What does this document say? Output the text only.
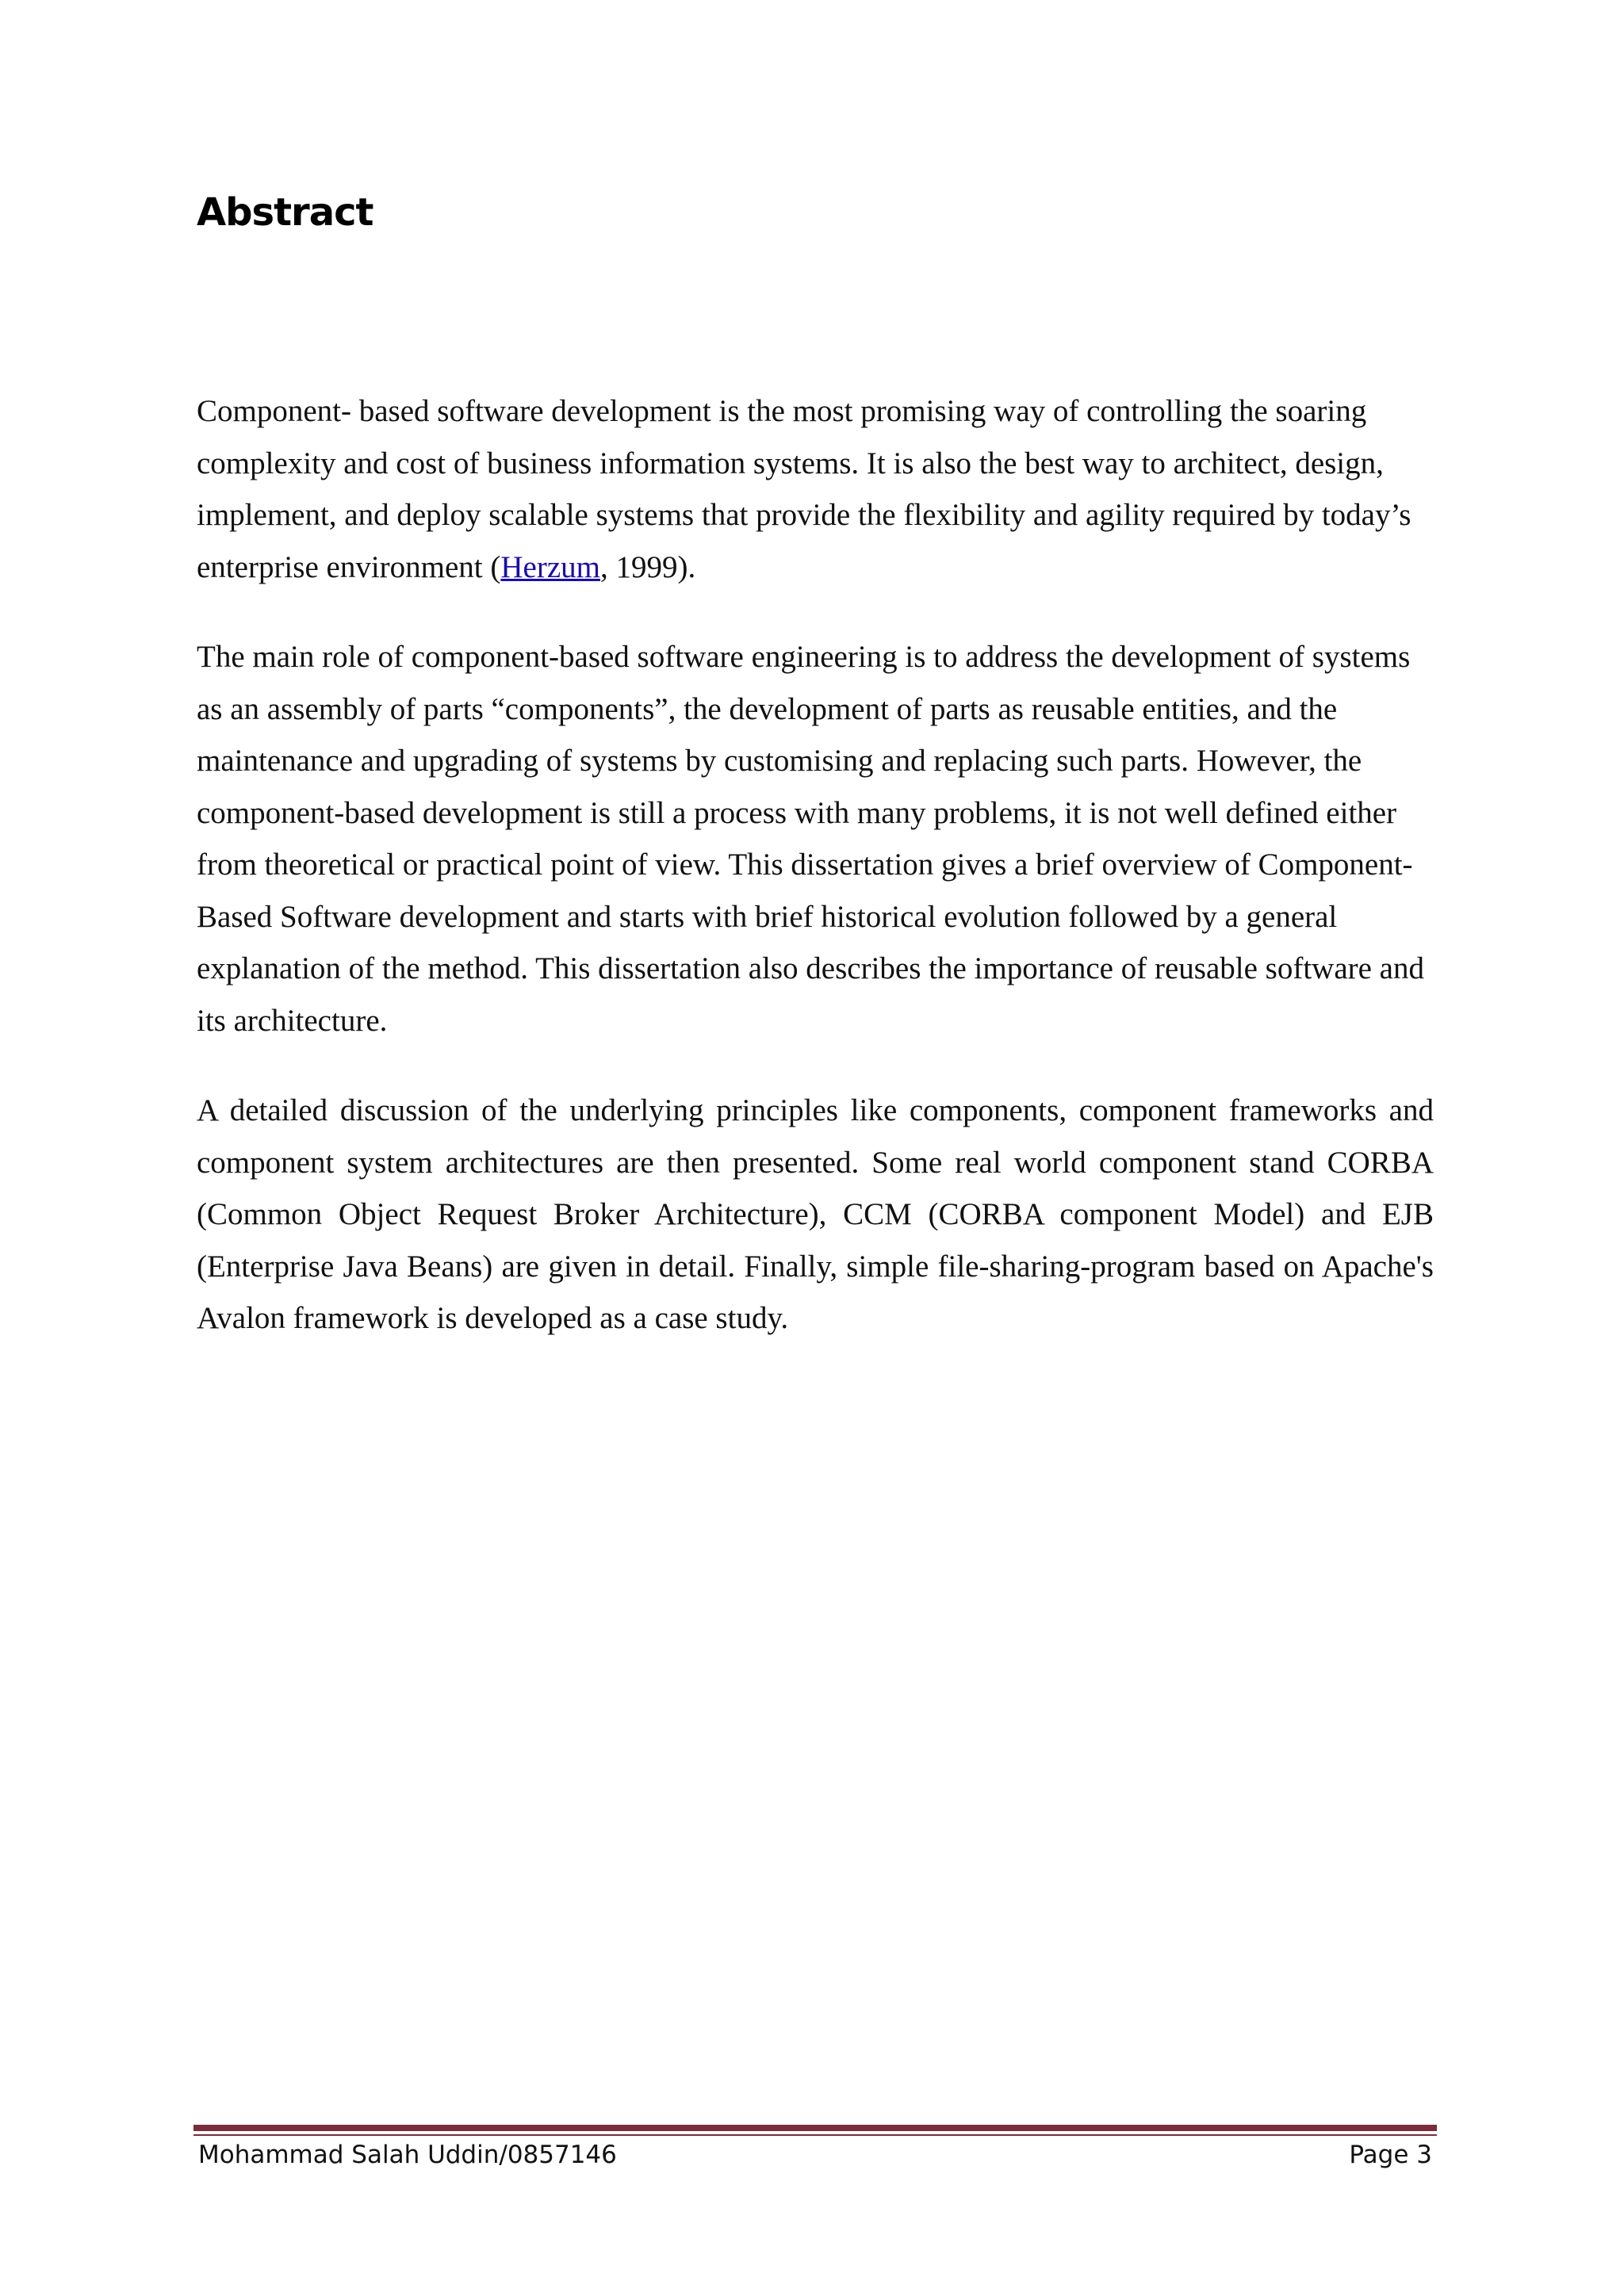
Abstract

Component- based software development is the most promising way of controlling the soaring complexity and cost of business information systems. It is also the best way to architect, design, implement, and deploy scalable systems that provide the flexibility and agility required by today’s enterprise environment (Herzum, 1999).

The main role of component-based software engineering is to address the development of systems as an assembly of parts “components”, the development of parts as reusable entities, and the maintenance and upgrading of systems by customising and replacing such parts. However, the component-based development is still a process with many problems, it is not well defined either from theoretical or practical point of view. This dissertation gives a brief overview of Component-Based Software development and starts with brief historical evolution followed by a general explanation of the method. This dissertation also describes the importance of reusable software and its architecture.

A detailed discussion of the underlying principles like components, component frameworks and component system architectures are then presented. Some real world component stand CORBA (Common Object Request Broker Architecture), CCM (CORBA component Model) and EJB (Enterprise Java Beans) are given in detail. Finally, simple file-sharing-program based on Apache's Avalon framework is developed as a case study.

Mohammad Salah Uddin/0857146	Page 3
